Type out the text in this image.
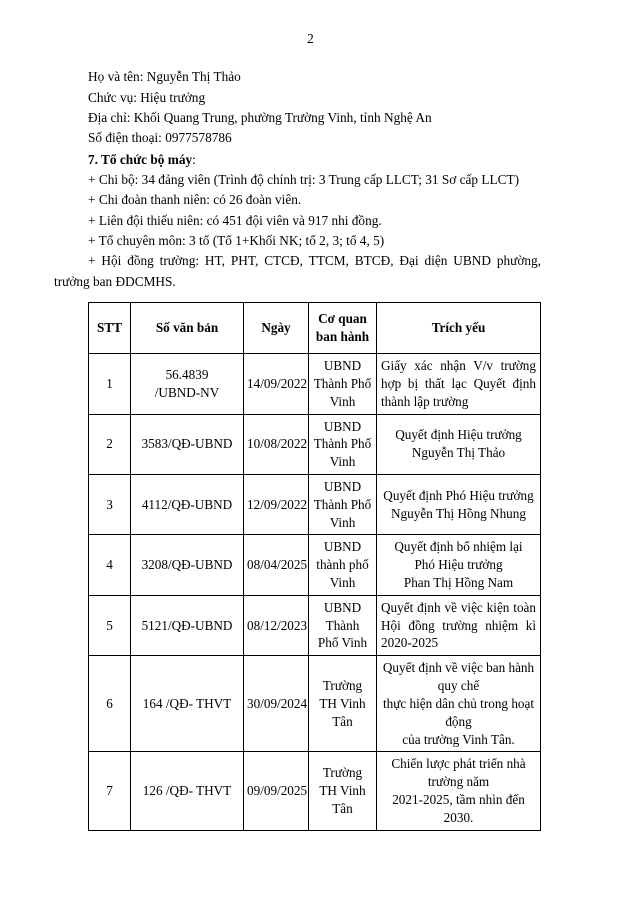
2
Họ và tên: Nguyễn Thị Thảo
Chức vụ: Hiệu trưởng
Địa chỉ: Khối Quang Trung, phường Trường Vinh, tỉnh Nghệ An
Số điện thoại: 0977578786
7. Tổ chức bộ máy:
+ Chi bộ: 34 đảng viên (Trình độ chính trị: 3 Trung cấp LLCT; 31 Sơ cấp LLCT)
+ Chi đoàn thanh niên: có 26 đoàn viên.
+ Liên đội thiếu niên: có 451 đội viên và 917 nhi đồng.
+ Tổ chuyên môn: 3 tổ (Tổ 1+Khối NK; tổ 2, 3; tổ 4, 5)
+ Hội đồng trường: HT, PHT, CTCĐ, TTCM, BTCĐ, Đại diện UBND phường, trưởng ban ĐDCMHS.
STT	Số văn bản	Ngày	Cơ quan ban hành	Trích yếu
1	56.4839
/UBND-NV	14/09/2022	UBND
Thành Phố
Vinh	Giấy xác nhận V/v trường hợp bị thất lạc Quyết định thành lập trường
2	3583/QĐ-UBND	10/08/2022	UBND
Thành Phố
Vinh	Quyết định Hiệu trưởng
Nguyễn Thị Thảo

3	4112/QĐ-UBND	12/09/2022	UBND
Thành Phố
Vinh	Quyết định Phó Hiệu trưởng
Nguyễn Thị Hồng Nhung

4	3208/QĐ-UBND	08/04/2025	UBND
thành phố
Vinh	Quyết định bổ nhiệm lại
Phó Hiệu trưởng
Phan Thị Hồng Nam

5	5121/QĐ-UBND	08/12/2023	UBND
Thành
Phố Vinh	Quyết định về việc kiện toàn Hội đồng trường nhiệm kì 2020-2025
6	164 /QĐ- THVT	30/09/2024	Trường
TH Vinh
Tân	Quyết định về việc ban hành quy chế
thực hiện dân chủ trong hoạt động
của trường Vinh Tân.

7	126 /QĐ- THVT	09/09/2025	Trường
TH Vinh
Tân	Chiến lược phát triển nhà trường năm
2021-2025, tầm nhìn đến 2030.
